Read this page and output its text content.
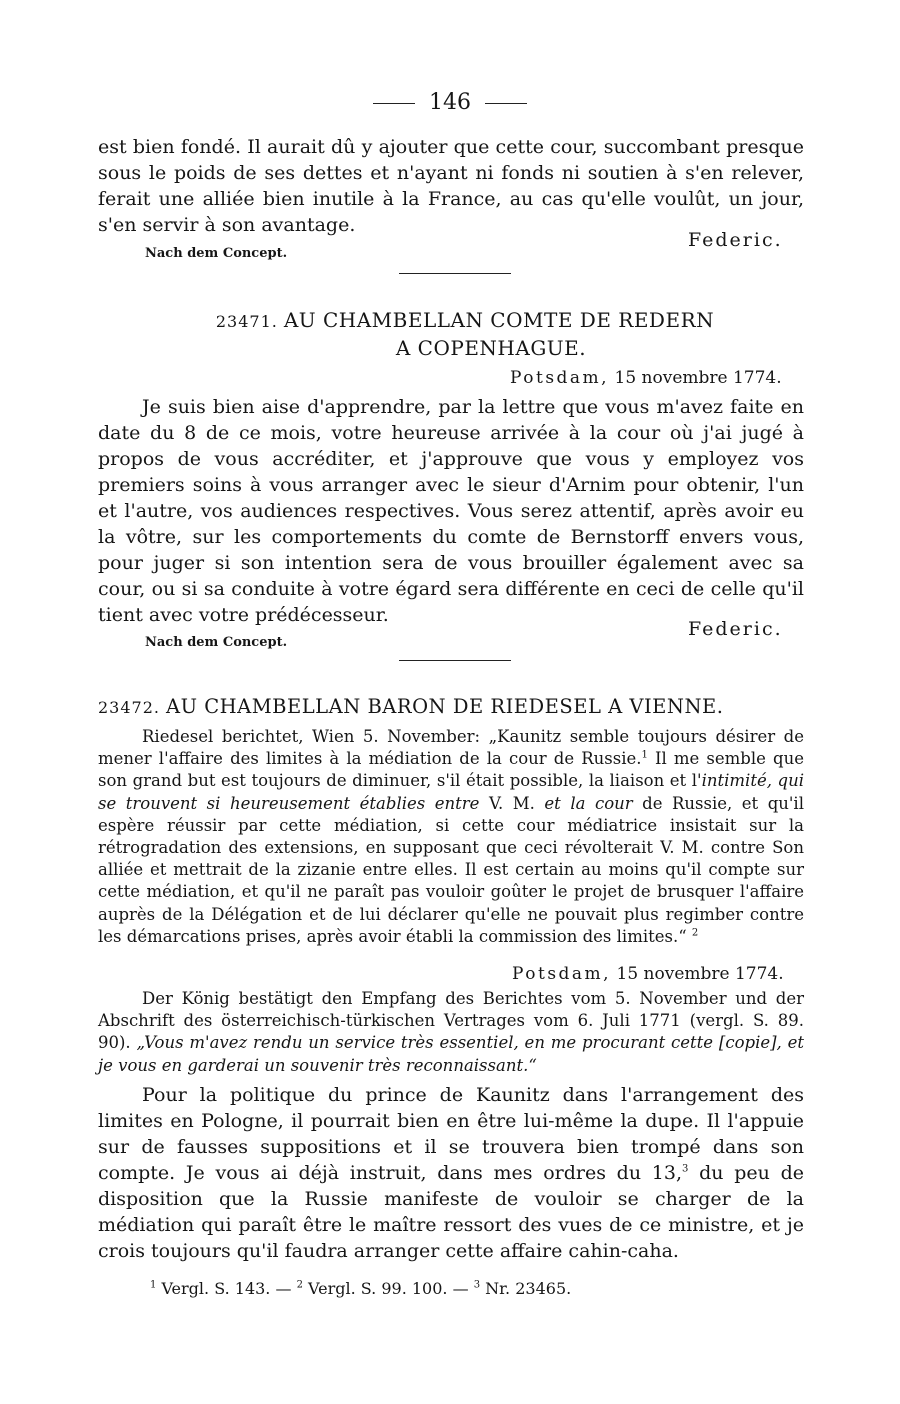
146

est bien fondé. Il aurait dû y ajouter que cette cour, succombant presque sous le poids de ses dettes et n'ayant ni fonds ni soutien à s'en relever, ferait une alliée bien inutile à la France, au cas qu'elle voulût, un jour, s'en servir à son avantage.

Federic.
Nach dem Concept.
23471. AU CHAMBELLAN COMTE DE REDERN
A COPENHAGUE.
Potsdam, 15 novembre 1774.

Je suis bien aise d'apprendre, par la lettre que vous m'avez faite en date du 8 de ce mois, votre heureuse arrivée à la cour où j'ai jugé à propos de vous accréditer, et j'approuve que vous y employez vos premiers soins à vous arranger avec le sieur d'Arnim pour obtenir, l'un et l'autre, vos audiences respectives. Vous serez attentif, après avoir eu la vôtre, sur les comportements du comte de Bernstorff envers vous, pour juger si son intention sera de vous brouiller également avec sa cour, ou si sa conduite à votre égard sera différente en ceci de celle qu'il tient avec votre prédécesseur.

Federic.
Nach dem Concept.
23472. AU CHAMBELLAN BARON DE RIEDESEL A VIENNE.

Riedesel berichtet, Wien 5. November: „Kaunitz semble toujours désirer de mener l'affaire des limites à la médiation de la cour de Russie.$^1$ Il me semble que son grand but est toujours de diminuer, s'il était possible, la liaison et l'intimité, qui se trouvent si heureusement établies entre V. M. et la cour de Russie, et qu'il espère réussir par cette médiation, si cette cour médiatrice insistait sur la rétrogradation des extensions, en supposant que ceci révolterait V. M. contre Son alliée et mettrait de la zizanie entre elles. Il est certain au moins qu'il compte sur cette médiation, et qu'il ne paraît pas vouloir goûter le projet de brusquer l'affaire auprès de la Délégation et de lui déclarer qu'elle ne pouvait plus regimber contre les démarcations prises, après avoir établi la commission des limites.“ $^2$

Potsdam, 15 novembre 1774.

Der König bestätigt den Empfang des Berichtes vom 5. November und der Abschrift des österreichisch-türkischen Vertrages vom 6. Juli 1771 (vergl. S. 89. 90). „Vous m'avez rendu un service très essentiel, en me procurant cette [copie], et je vous en garderai un souvenir très reconnaissant.“

Pour la politique du prince de Kaunitz dans l'arrangement des limites en Pologne, il pourrait bien en être lui-même la dupe. Il l'appuie sur de fausses suppositions et il se trouvera bien trompé dans son compte. Je vous ai déjà instruit, dans mes ordres du 13,$^3$ du peu de disposition que la Russie manifeste de vouloir se charger de la médiation qui paraît être le maître ressort des vues de ce ministre, et je crois toujours qu'il faudra arranger cette affaire cahin-caha.

$^1$ Vergl. S. 143. — $^2$ Vergl. S. 99. 100. — $^3$ Nr. 23465.
